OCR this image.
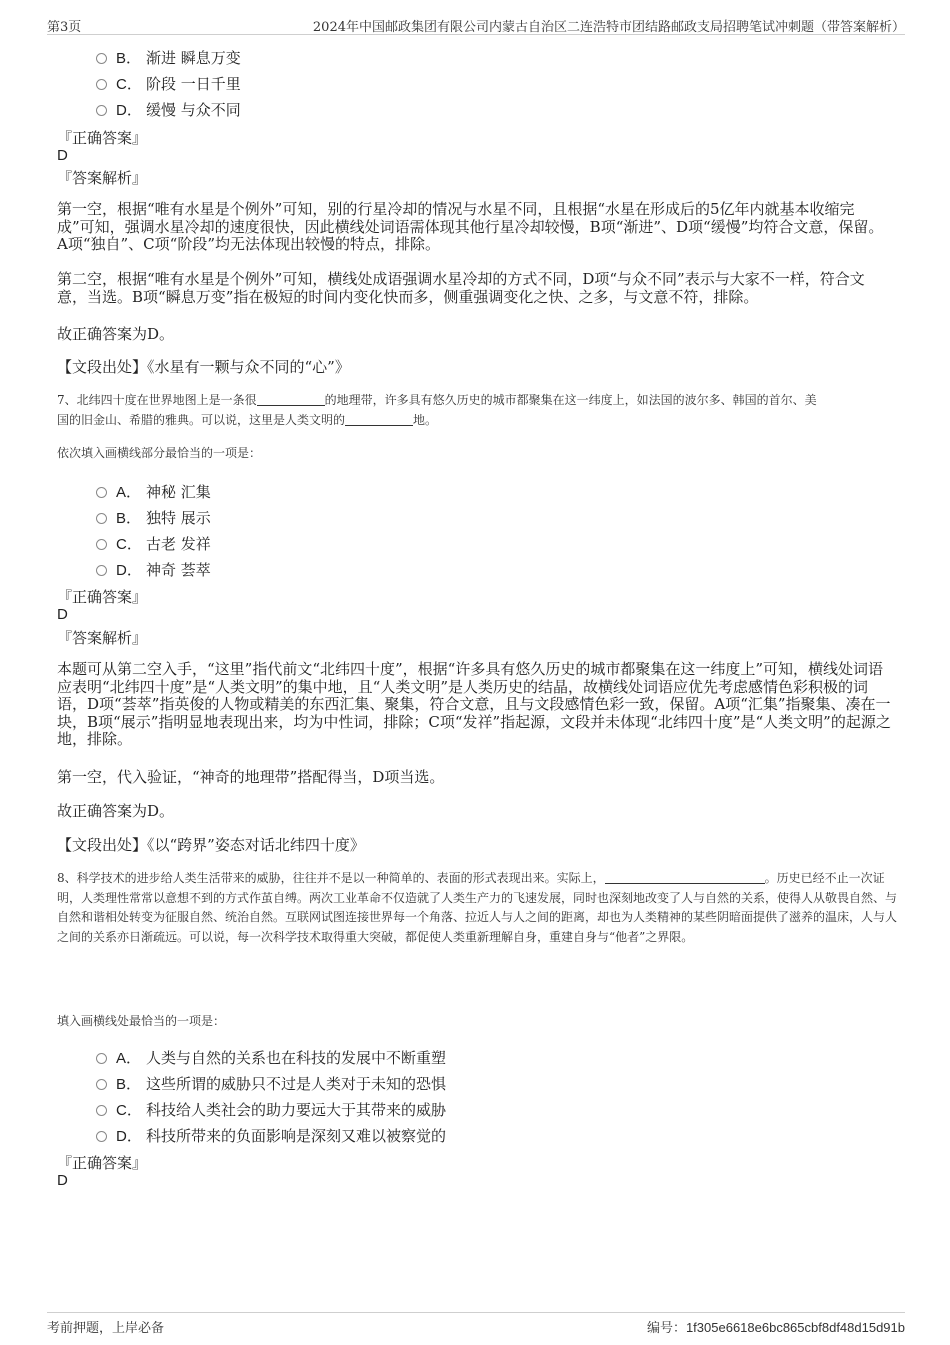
第3页	2024年中国邮政集团有限公司内蒙古自治区二连浩特市团结路邮政支局招聘笔试冲刺题（带答案解析）
B． 渐进 瞬息万变
C． 阶段 一日千里
D． 缓慢 与众不同
『正确答案』
D
『答案解析』
第一空，根据“唯有水星是个例外”可知，别的行星冷却的情况与水星不同，且根据“水星在形成后的5亿年内就基本收缩完成”可知，强调水星冷却的速度很快，因此横线处词语需体现其他行星冷却较慢，B项“渐进”、D项“缓慢”均符合文意，保留。A项“独自”、C项“阶段”均无法体现出较慢的特点，排除。
第二空，根据“唯有水星是个例外”可知，横线处成语强调水星冷却的方式不同，D项“与众不同”表示与大家不一样，符合文意，当选。B项“瞬息万变”指在极短的时间内变化快而多，侧重强调变化之快、之多，与文意不符，排除。
故正确答案为D。
【文段出处】《水星有一颗与众不同的“心”》
7、北纬四十度在世界地图上是一条很	的地理带，许多具有悠久历史的城市都聚集在这一纬度上，如法国的波尔多、韩国的首尔、美
国的旧金山、希腊的雅典。可以说，这里是人类文明的	地。
依次填入画横线部分最恰当的一项是：
A． 神秘 汇集
B． 独特 展示
C． 古老 发祥
D． 神奇 荟萃
『正确答案』
D
『答案解析』
本题可从第二空入手，“这里”指代前文“北纬四十度”，根据“许多具有悠久历史的城市都聚集在这一纬度上”可知，横线处词语应表明“北纬四十度”是“人类文明”的集中地，且“人类文明”是人类历史的结晶，故横线处词语应优先考虑感情色彩积极的词语，D项“荟萃”指英俊的人物或精美的东西汇集、聚集，符合文意，且与文段感情色彩一致，保留。A项“汇集”指聚集、凑在一块，B项“展示”指明显地表现出来，均为中性词，排除；C项“发祥”指起源，文段并未体现“北纬四十度”是“人类文明”的起源之地，排除。
第一空，代入验证，“神奇的地理带”搭配得当，D项当选。
故正确答案为D。
【文段出处】《以“跨界”姿态对话北纬四十度》
8、科学技术的进步给人类生活带来的威胁，往往并不是以一种简单的、表面的形式表现出来。实际上，	。历史已经不止一次证明，人类理性常常以意想不到的方式作茧自缚。两次工业革命不仅造就了人类生产力的飞速发展，同时也深刻地改变了人与自然的关系，使得人从敬畏自然、与自然和谐相处转变为征服自然、统治自然。互联网试图连接世界每一个角落、拉近人与人之间的距离，却也为人类精神的某些阴暗面提供了滋养的温床，人与人之间的关系亦日渐疏远。可以说，每一次科学技术取得重大突破，都促使人类重新理解自身，重建自身与“他者”之界限。
填入画横线处最恰当的一项是：
A． 人类与自然的关系也在科技的发展中不断重塑
B． 这些所谓的威胁只不过是人类对于未知的恐惧
C． 科技给人类社会的助力要远大于其带来的威胁
D． 科技所带来的负面影响是深刻又难以被察觉的
『正确答案』
D
考前押题，上岸必备	编号：1f305e6618e6bc865cbf8df48d15d91b
